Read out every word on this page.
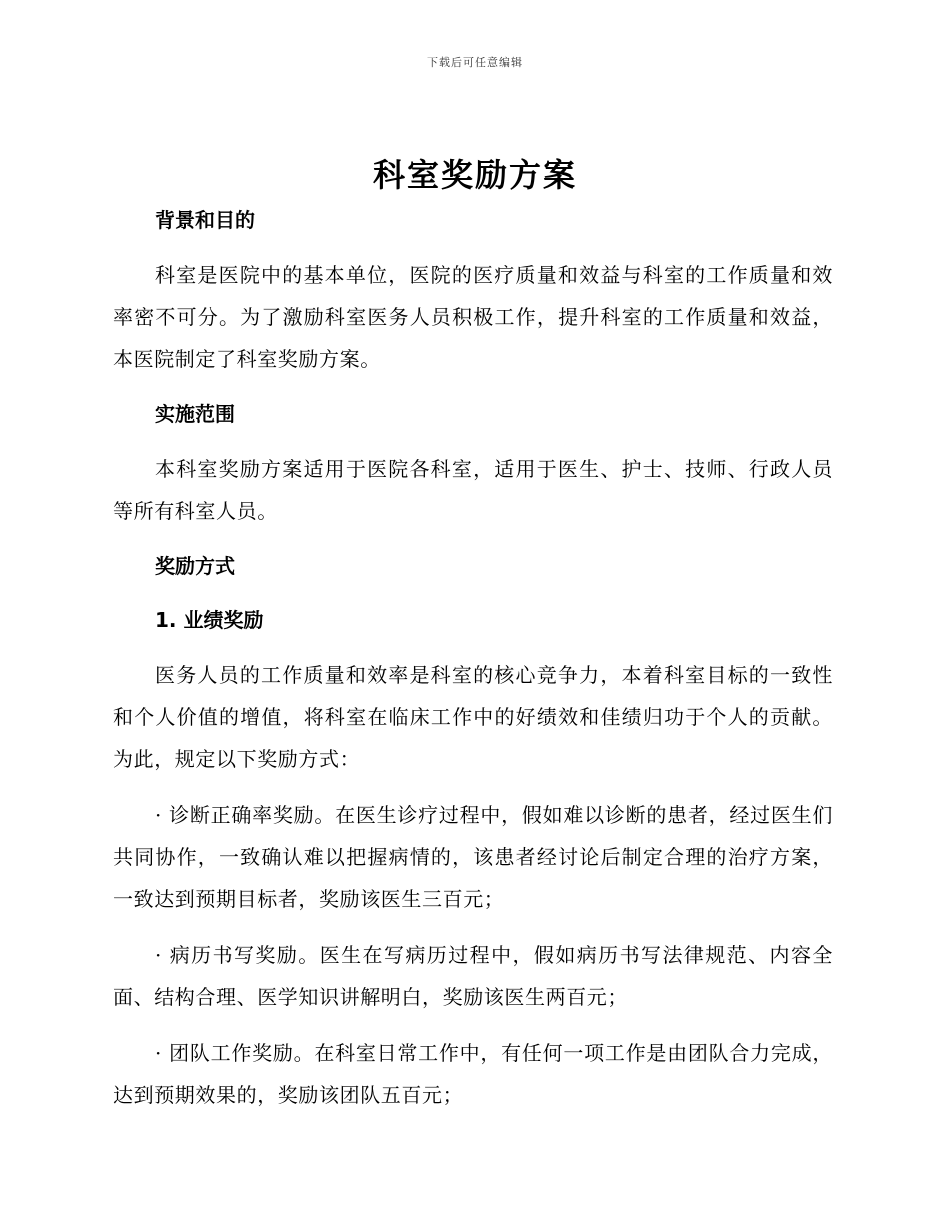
下载后可任意编辑
科室奖励方案
背景和目的

科室是医院中的基本单位，医院的医疗质量和效益与科室的工作质量和效率密不可分。为了激励科室医务人员积极工作，提升科室的工作质量和效益，本医院制定了科室奖励方案。

实施范围

本科室奖励方案适用于医院各科室，适用于医生、护士、技师、行政人员等所有科室人员。

奖励方式
1. 业绩奖励

医务人员的工作质量和效率是科室的核心竞争力，本着科室目标的一致性和个人价值的增值，将科室在临床工作中的好绩效和佳绩归功于个人的贡献。为此，规定以下奖励方式：

· 诊断正确率奖励。在医生诊疗过程中，假如难以诊断的患者，经过医生们共同协作，一致确认难以把握病情的，该患者经讨论后制定合理的治疗方案，一致达到预期目标者，奖励该医生三百元；

· 病历书写奖励。医生在写病历过程中，假如病历书写法律规范、内容全面、结构合理、医学知识讲解明白，奖励该医生两百元；

· 团队工作奖励。在科室日常工作中，有任何一项工作是由团队合力完成，达到预期效果的，奖励该团队五百元；
